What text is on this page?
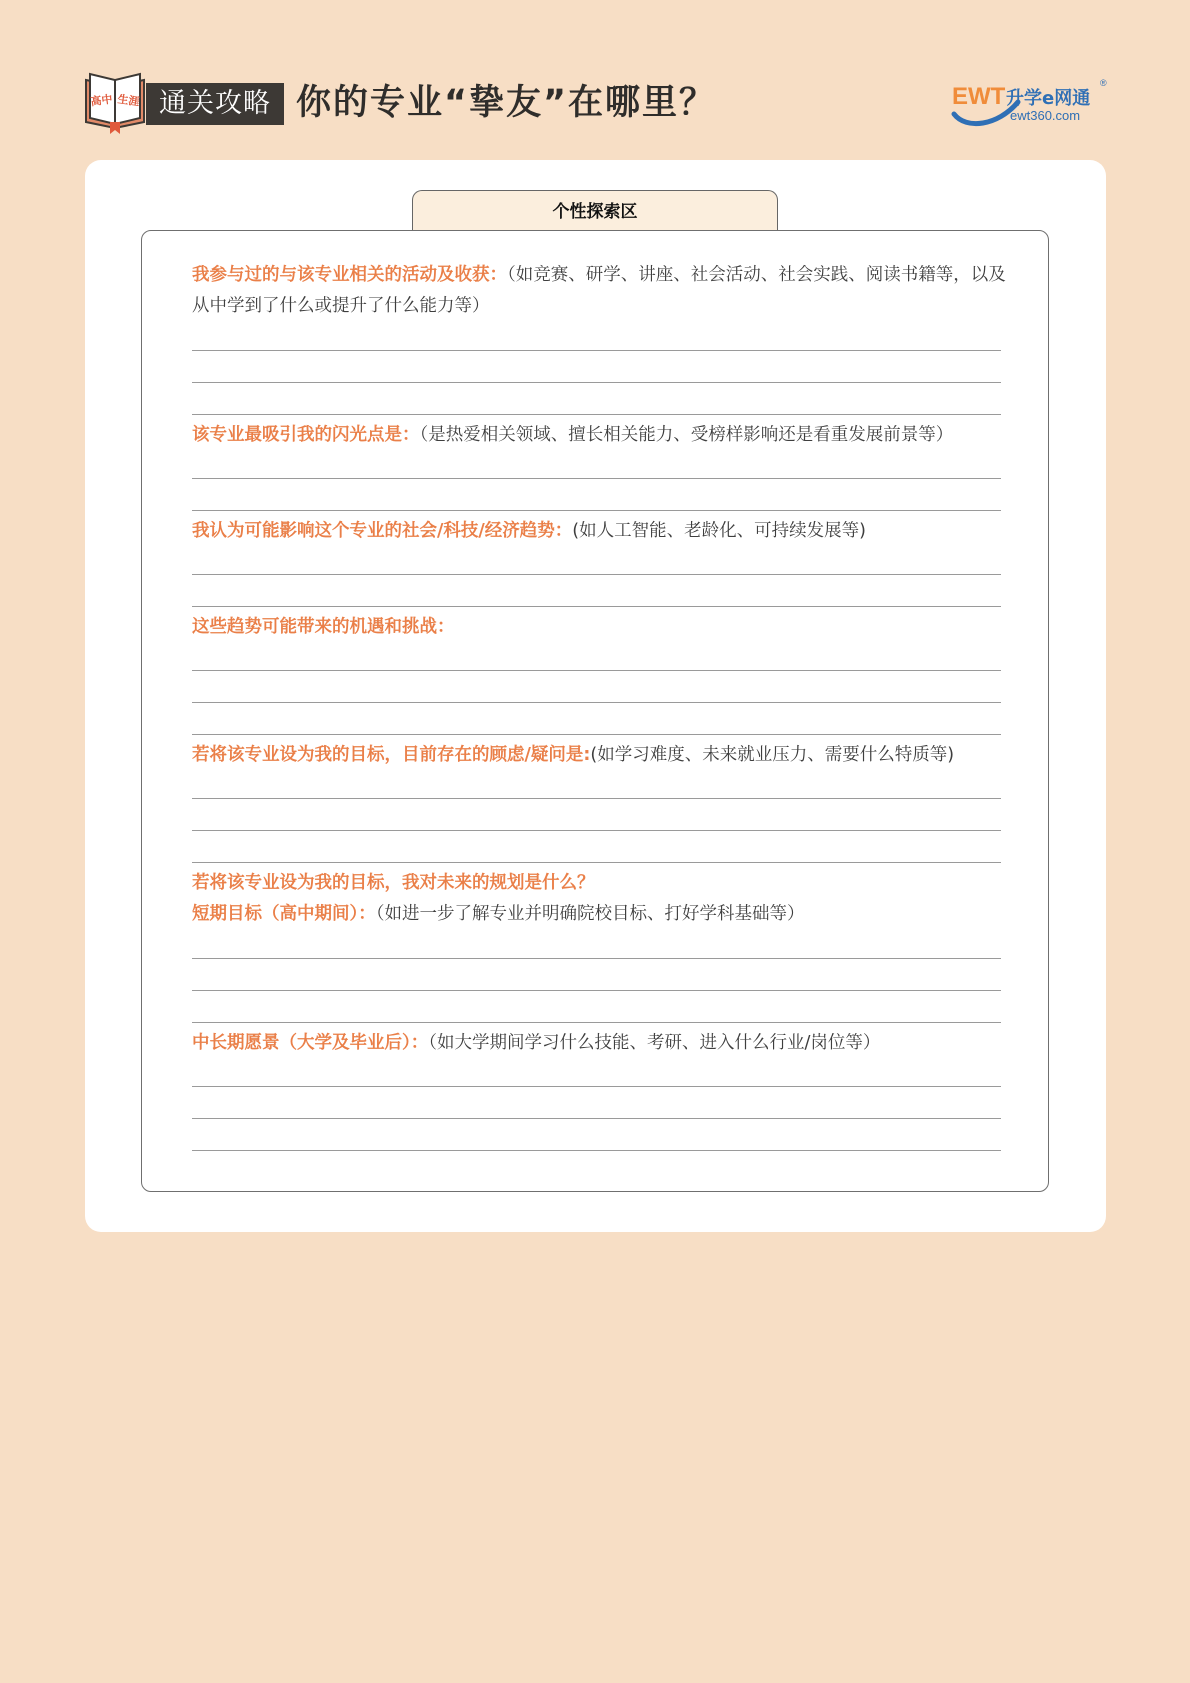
高中 生涯 通关攻略 你的专业“挚友”在哪里？	EWT 升学e网通
ewt360.com
®
个性探索区
我参与过的与该专业相关的活动及收获：（如竞赛、研学、讲座、社会活动、社会实践、阅读书籍等，以及从中学到了什么或提升了什么能力等）
该专业最吸引我的闪光点是：（是热爱相关领域、擅长相关能力、受榜样影响还是看重发展前景等）
我认为可能影响这个专业的社会/科技/经济趋势：(如人工智能、老龄化、可持续发展等)
这些趋势可能带来的机遇和挑战：
若将该专业设为我的目标，目前存在的顾虑/疑问是:(如学习难度、未来就业压力、需要什么特质等)
若将该专业设为我的目标，我对未来的规划是什么？
短期目标（高中期间）：（如进一步了解专业并明确院校目标、打好学科基础等）
中长期愿景（大学及毕业后）：（如大学期间学习什么技能、考研、进入什么行业/岗位等）
